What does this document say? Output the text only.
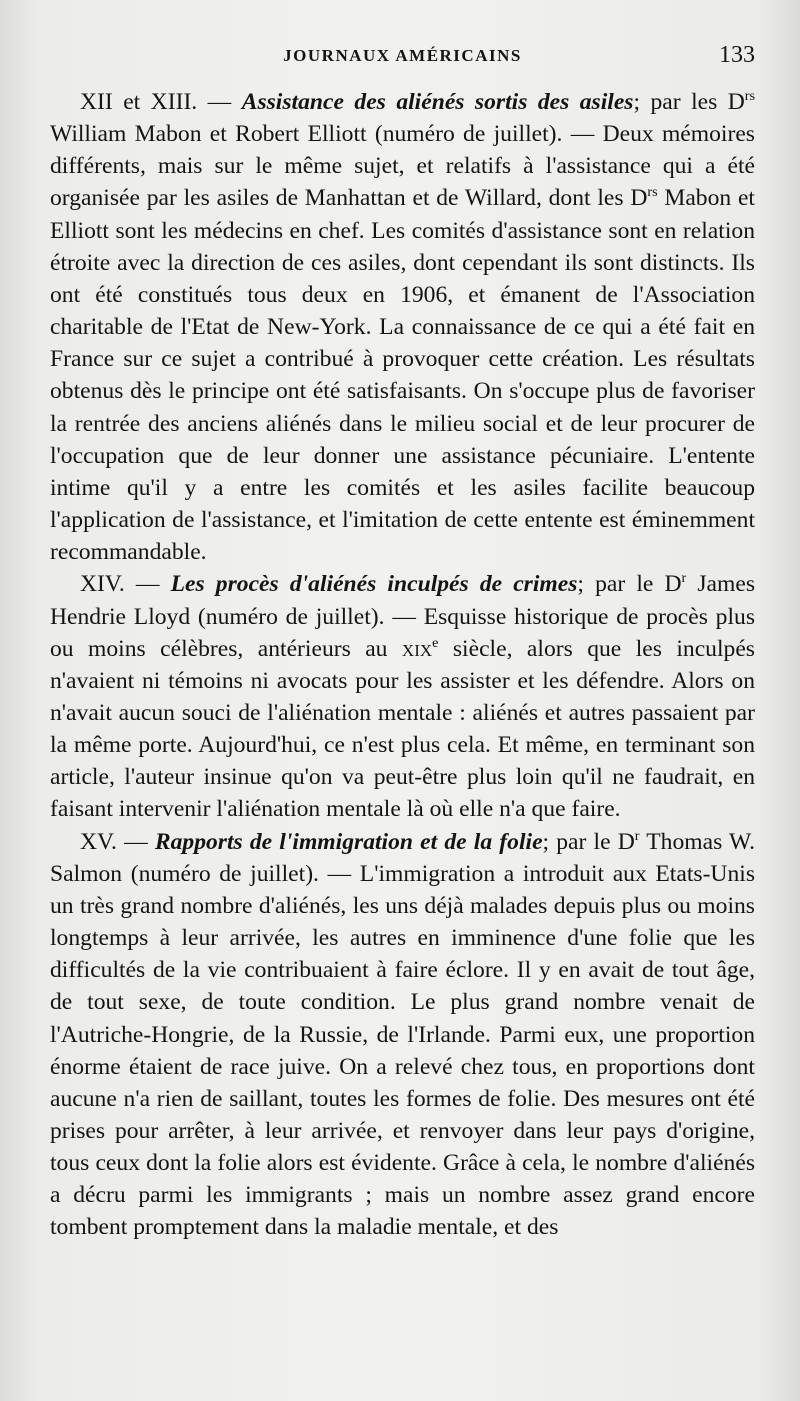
JOURNAUX AMÉRICAINS	133

XII et XIII. — Assistance des aliénés sortis des asiles; par les $D^{rs}$ William Mabon et Robert Elliott (numéro de juillet). — Deux mémoires différents, mais sur le même sujet, et relatifs à l'assistance qui a été organisée par les asiles de Manhattan et de Willard, dont les $D^{rs}$ Mabon et Elliott sont les médecins en chef. Les comités d'assistance sont en relation étroite avec la direction de ces asiles, dont cependant ils sont distincts. Ils ont été constitués tous deux en 1906, et émanent de l'Association charitable de l'Etat de New-York. La connaissance de ce qui a été fait en France sur ce sujet a contribué à provoquer cette création. Les résultats obtenus dès le principe ont été satisfaisants. On s'occupe plus de favoriser la rentrée des anciens aliénés dans le milieu social et de leur procurer de l'occupation que de leur donner une assistance pécuniaire. L'entente intime qu'il y a entre les comités et les asiles facilite beaucoup l'application de l'assistance, et l'imitation de cette entente est éminemment recommandable.

XIV. — Les procès d'aliénés inculpés de crimes; par le $D^r$ James Hendrie Lloyd (numéro de juillet). — Esquisse historique de procès plus ou moins célèbres, antérieurs au xix$^e$ siècle, alors que les inculpés n'avaient ni témoins ni avocats pour les assister et les défendre. Alors on n'avait aucun souci de l'aliénation mentale : aliénés et autres passaient par la même porte. Aujourd'hui, ce n'est plus cela. Et même, en terminant son article, l'auteur insinue qu'on va peut-être plus loin qu'il ne faudrait, en faisant intervenir l'aliénation mentale là où elle n'a que faire.

XV. — Rapports de l'immigration et de la folie; par le $D^r$ Thomas W. Salmon (numéro de juillet). — L'immigration a introduit aux Etats-Unis un très grand nombre d'aliénés, les uns déjà malades depuis plus ou moins longtemps à leur arrivée, les autres en imminence d'une folie que les difficultés de la vie contribuaient à faire éclore. Il y en avait de tout âge, de tout sexe, de toute condition. Le plus grand nombre venait de l'Autriche-Hongrie, de la Russie, de l'Irlande. Parmi eux, une proportion énorme étaient de race juive. On a relevé chez tous, en proportions dont aucune n'a rien de saillant, toutes les formes de folie. Des mesures ont été prises pour arrêter, à leur arrivée, et renvoyer dans leur pays d'origine, tous ceux dont la folie alors est évidente. Grâce à cela, le nombre d'aliénés a décru parmi les immigrants ; mais un nombre assez grand encore tombent promptement dans la maladie mentale, et des
